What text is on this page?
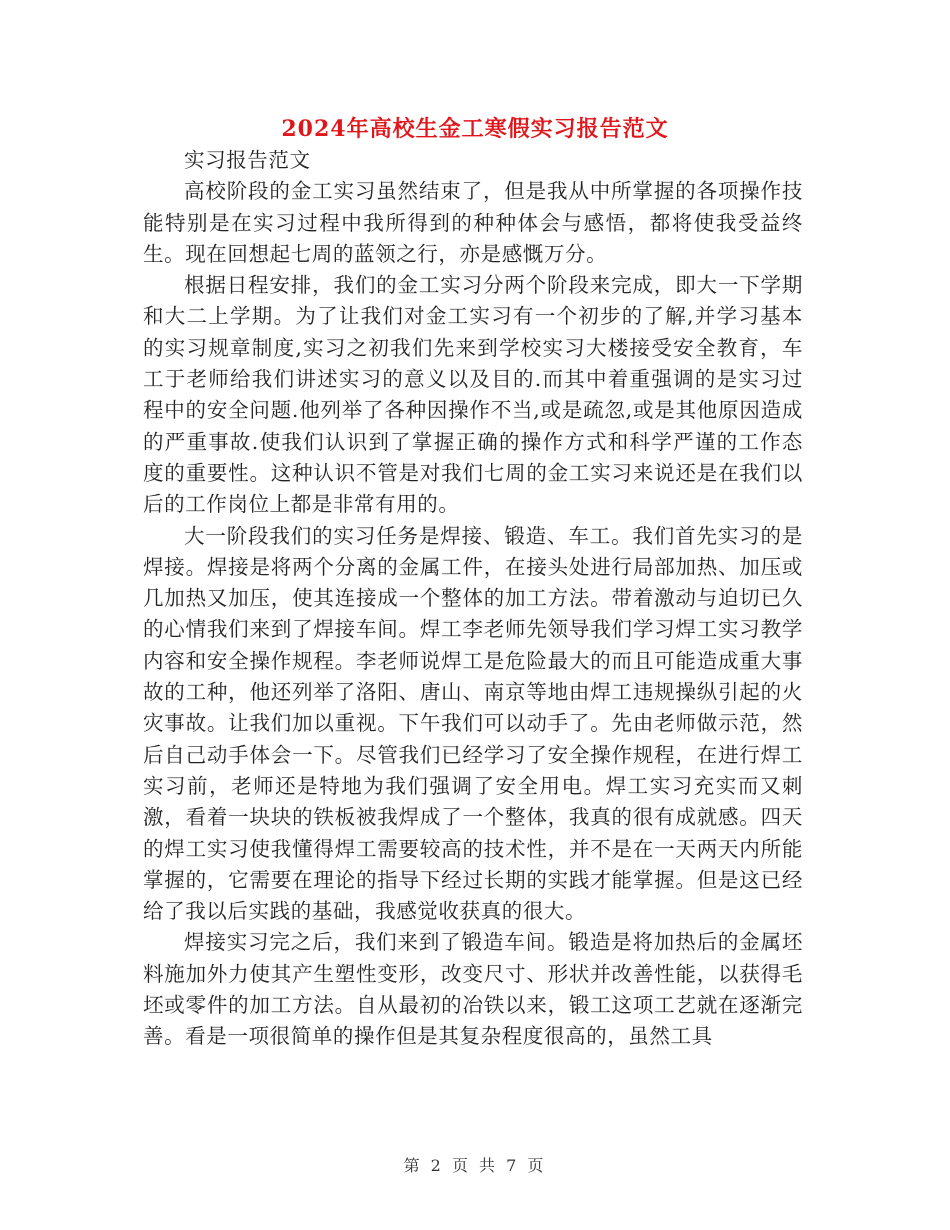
2024年高校生金工寒假实习报告范文

实习报告范文

高校阶段的金工实习虽然结束了，但是我从中所掌握的各项操作技能特别是在实习过程中我所得到的种种体会与感悟，都将使我受益终生。现在回想起七周的蓝领之行，亦是感慨万分。

根据日程安排，我们的金工实习分两个阶段来完成，即大一下学期和大二上学期。为了让我们对金工实习有一个初步的了解,并学习基本的实习规章制度,实习之初我们先来到学校实习大楼接受安全教育，车工于老师给我们讲述实习的意义以及目的.而其中着重强调的是实习过程中的安全问题.他列举了各种因操作不当,或是疏忽,或是其他原因造成的严重事故.使我们认识到了掌握正确的操作方式和科学严谨的工作态度的重要性。这种认识不管是对我们七周的金工实习来说还是在我们以后的工作岗位上都是非常有用的。

大一阶段我们的实习任务是焊接、锻造、车工。我们首先实习的是焊接。焊接是将两个分离的金属工件，在接头处进行局部加热、加压或几加热又加压，使其连接成一个整体的加工方法。带着激动与迫切已久的心情我们来到了焊接车间。焊工李老师先领导我们学习焊工实习教学内容和安全操作规程。李老师说焊工是危险最大的而且可能造成重大事故的工种，他还列举了洛阳、唐山、南京等地由焊工违规操纵引起的火灾事故。让我们加以重视。下午我们可以动手了。先由老师做示范，然后自己动手体会一下。尽管我们已经学习了安全操作规程，在进行焊工实习前，老师还是特地为我们强调了安全用电。焊工实习充实而又刺激，看着一块块的铁板被我焊成了一个整体，我真的很有成就感。四天的焊工实习使我懂得焊工需要较高的技术性，并不是在一天两天内所能掌握的，它需要在理论的指导下经过长期的实践才能掌握。但是这已经给了我以后实践的基础，我感觉收获真的很大。

焊接实习完之后，我们来到了锻造车间。锻造是将加热后的金属坯料施加外力使其产生塑性变形，改变尺寸、形状并改善性能，以获得毛坯或零件的加工方法。自从最初的冶铁以来，锻工这项工艺就在逐渐完善。看是一项很简单的操作但是其复杂程度很高的，虽然工具

第 2 页 共 7 页
